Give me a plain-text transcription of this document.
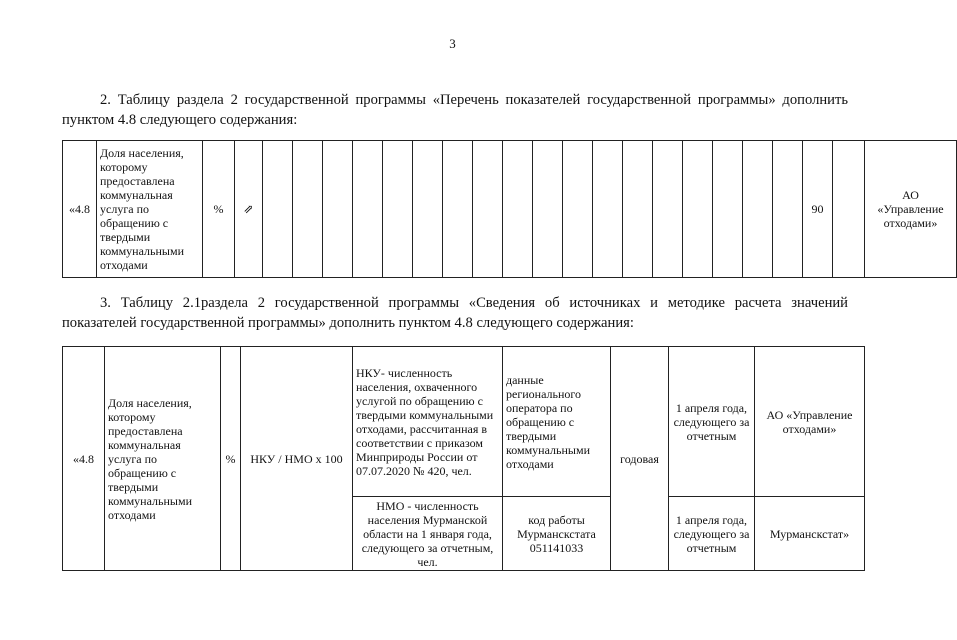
3
2. Таблицу раздела 2 государственной программы «Перечень показателей государственной программы» дополнить пунктом 4.8 следующего содержания:
«4.8	Доля населения, которому предоставлена коммунальная услуга по обращению с твердыми коммунальными отходами	%	⇗																			90		АО «Управление отходами»
3. Таблицу 2.1раздела 2 государственной программы «Сведения об источниках и методике расчета значений показателей государственной программы» дополнить пунктом 4.8 следующего содержания:
«4.8	Доля населения, которому предоставлена коммунальная услуга по обращению с твердыми коммунальными отходами	%	НКУ / НМО х 100	НКУ- численность населения, охваченного услугой по обращению с твердыми коммунальными отходами, рассчитанная в соответствии с приказом Минприроды России от 07.07.2020 № 420, чел.	данные регионального оператора по обращению с твердыми коммунальными отходами	годовая	1 апреля года, следующего за отчетным	АО «Управление отходами»
				НМО - численность населения Мурманской области на 1 января года, следующего за отчетным, чел.	код работы Мурманскстата 051141033		1 апреля года, следующего за отчетным	Мурманскстат»
